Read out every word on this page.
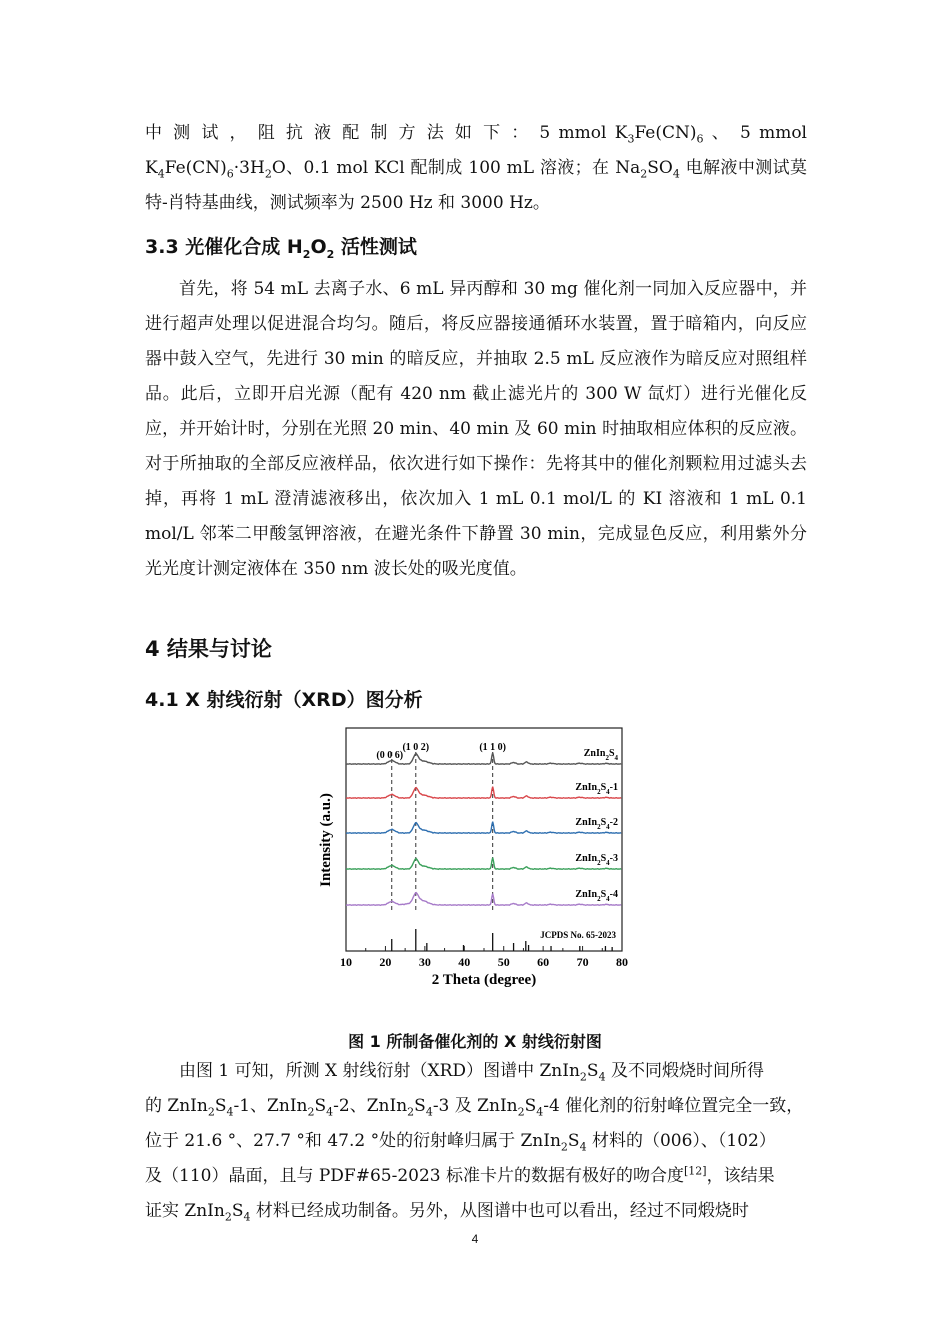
中 测 试 ， 阻 抗 液 配 制 方 法 如 下 ： 5 mmol $K_3Fe(CN)_6$ 、 5 mmol

$K_4Fe(CN)_6\cdot 3H_2O$、0.1 mol KCl 配制成 100 mL 溶液；在 $Na_2SO_4$ 电解液中测试莫

特-肖特基曲线，测试频率为 2500 Hz 和 3000 Hz。

3.3 光催化合成 $H_2O_2$ 活性测试

首先，将 54 mL 去离子水、6 mL 异丙醇和 30 mg 催化剂一同加入反应器中，并进行超声处理以促进混合均匀。随后，将反应器接通循环水装置，置于暗箱内，向反应器中鼓入空气，先进行 30 min 的暗反应，并抽取 2.5 mL 反应液作为暗反应对照组样品。此后，立即开启光源（配有 420 nm 截止滤光片的 300 W 氙灯）进行光催化反应，并开始计时，分别在光照 20 min、40 min 及 60 min 时抽取相应体积的反应液。对于所抽取的全部反应液样品，依次进行如下操作：先将其中的催化剂颗粒用过滤头去掉，再将 1 mL 澄清滤液移出，依次加入 1 mL 0.1 mol/L 的 KI 溶液和 1 mL 0.1 mol/L 邻苯二甲酸氢钾溶液，在避光条件下静置 30 min，完成显色反应，利用紫外分光光度计测定液体在 350 nm 波长处的吸光度值。

4 结果与讨论
4.1 X 射线衍射（XRD）图分析
10 20 30 40 50 60 70 80
(0 0 6)
(1 0 2)	(1 1 0)
$ZnIn_2S_4$
$ZnIn_2S_4-1$
$ZnIn_2S_4-2$
$ZnIn_2S_4-3$
$ZnIn_2S_4-4$
Intensity (a.u.)
2 Theta (degree)
JCPDS No. 65-2023

图 1 所制备催化剂的 X 射线衍射图

由图 1 可知，所测 X 射线衍射（XRD）图谱中 $ZnIn_2S_4$ 及不同煅烧时间所得

的 $ZnIn_2S_4-1$、$ZnIn_2S_4-2$、$ZnIn_2S_4-3$ 及 $ZnIn_2S_4-4$ 催化剂的衍射峰位置完全一致，

位于 21.6 °、27.7 °和 47.2 °处的衍射峰归属于 $ZnIn_2S_4$ 材料的（006）、（102）

及（110）晶面，且与 PDF#65-2023 标准卡片的数据有极好的吻合度[12]，该结果

证实 $ZnIn_2S_4$ 材料已经成功制备。另外，从图谱中也可以看出，经过不同煅烧时

4
